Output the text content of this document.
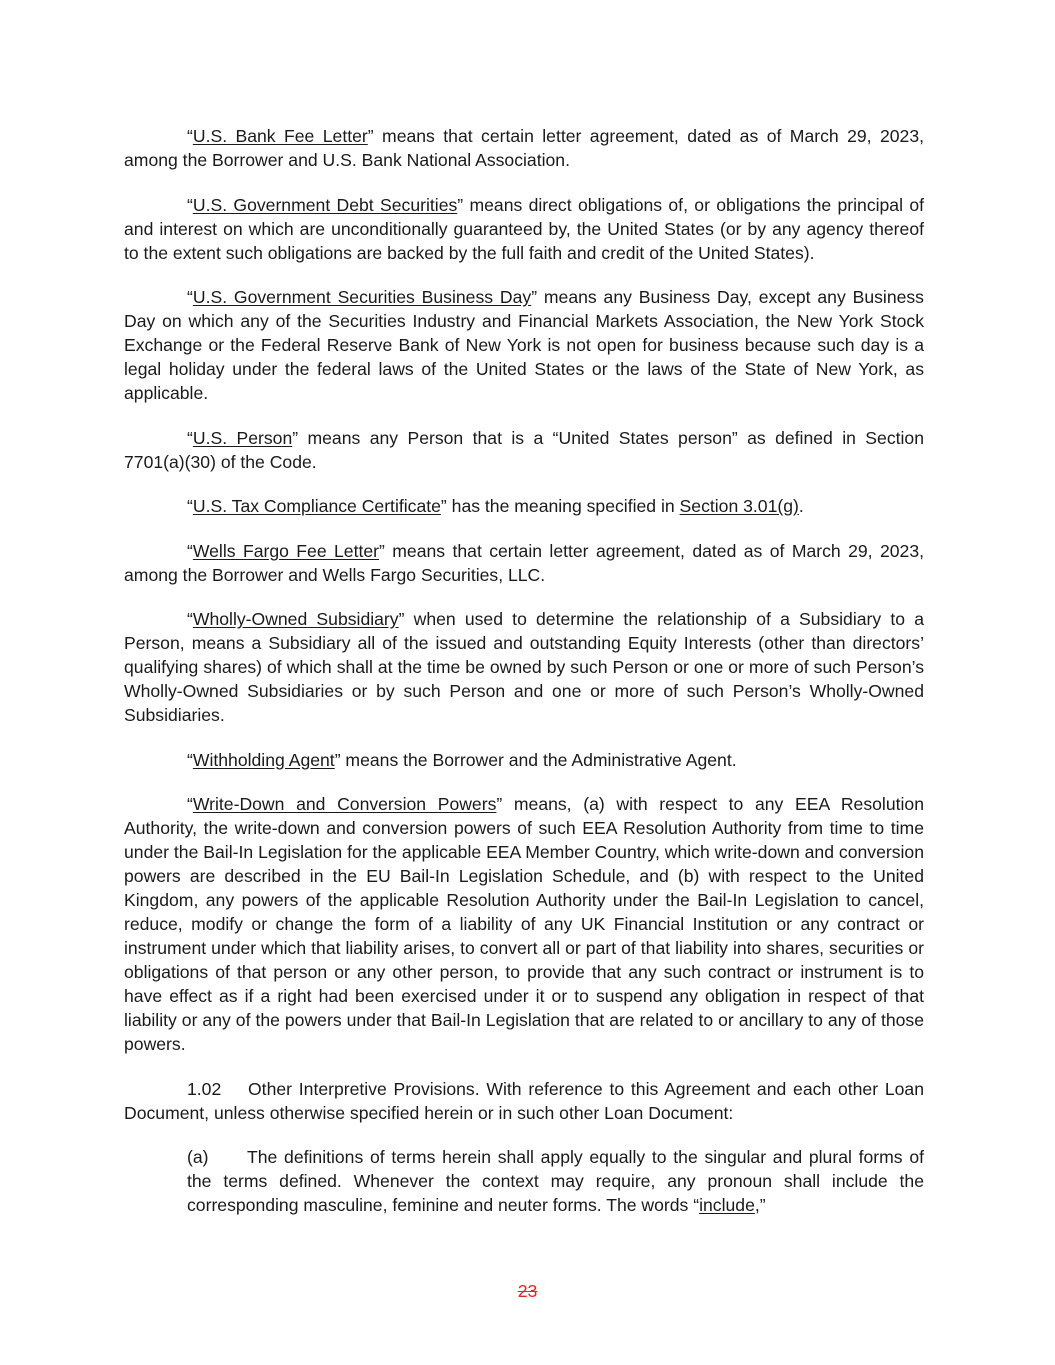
“U.S. Bank Fee Letter” means that certain letter agreement, dated as of March 29, 2023, among the Borrower and U.S. Bank National Association.

“U.S. Government Debt Securities” means direct obligations of, or obligations the principal of and interest on which are unconditionally guaranteed by, the United States (or by any agency thereof to the extent such obligations are backed by the full faith and credit of the United States).

“U.S. Government Securities Business Day” means any Business Day, except any Business Day on which any of the Securities Industry and Financial Markets Association, the New York Stock Exchange or the Federal Reserve Bank of New York is not open for business because such day is a legal holiday under the federal laws of the United States or the laws of the State of New York, as applicable.

“U.S. Person” means any Person that is a “United States person” as defined in Section 7701(a)(30) of the Code.

“U.S. Tax Compliance Certificate” has the meaning specified in Section 3.01(g).

“Wells Fargo Fee Letter” means that certain letter agreement, dated as of March 29, 2023, among the Borrower and Wells Fargo Securities, LLC.

“Wholly-Owned Subsidiary” when used to determine the relationship of a Subsidiary to a Person, means a Subsidiary all of the issued and outstanding Equity Interests (other than directors’ qualifying shares) of which shall at the time be owned by such Person or one or more of such Person’s Wholly-Owned Subsidiaries or by such Person and one or more of such Person’s Wholly-Owned Subsidiaries.

“Withholding Agent” means the Borrower and the Administrative Agent.

“Write-Down and Conversion Powers” means, (a) with respect to any EEA Resolution Authority, the write-down and conversion powers of such EEA Resolution Authority from time to time under the Bail-In Legislation for the applicable EEA Member Country, which write-down and conversion powers are described in the EU Bail-In Legislation Schedule, and (b) with respect to the United Kingdom, any powers of the applicable Resolution Authority under the Bail-In Legislation to cancel, reduce, modify or change the form of a liability of any UK Financial Institution or any contract or instrument under which that liability arises, to convert all or part of that liability into shares, securities or obligations of that person or any other person, to provide that any such contract or instrument is to have effect as if a right had been exercised under it or to suspend any obligation in respect of that liability or any of the powers under that Bail-In Legislation that are related to or ancillary to any of those powers.

1.02 Other Interpretive Provisions. With reference to this Agreement and each other Loan Document, unless otherwise specified herein or in such other Loan Document:

(a) The definitions of terms herein shall apply equally to the singular and plural forms of the terms defined. Whenever the context may require, any pronoun shall include the corresponding masculine, feminine and neuter forms. The words “include,”

23
